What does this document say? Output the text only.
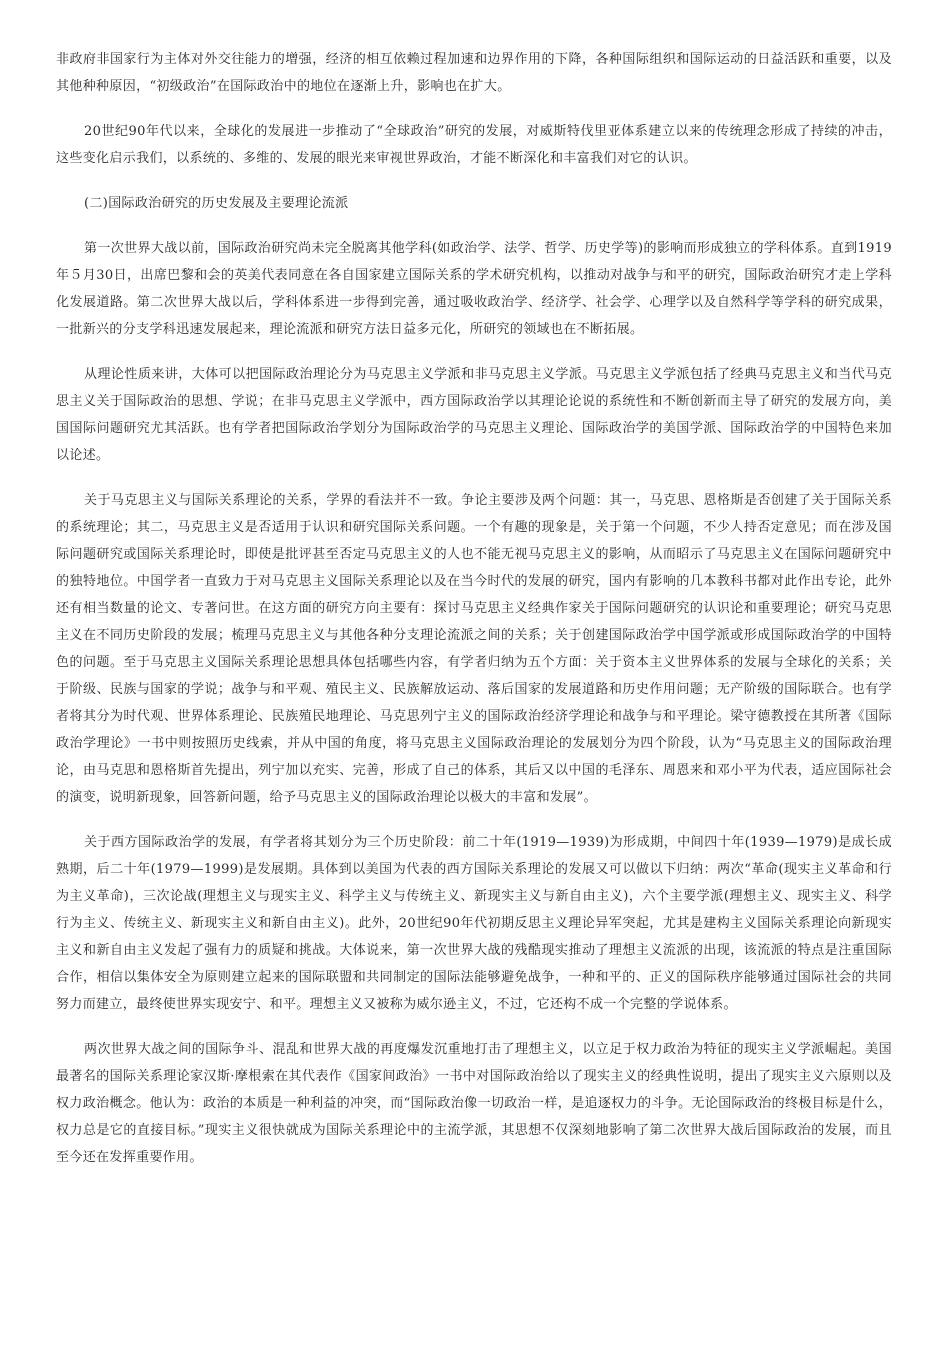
非政府非国家行为主体对外交往能力的增强，经济的相互依赖过程加速和边界作用的下降，各种国际组织和国际运动的日益活跃和重要，以及其他种种原因，“初级政治”在国际政治中的地位在逐渐上升，影响也在扩大。

20世纪90年代以来，全球化的发展进一步推动了“全球政治”研究的发展，对威斯特伐里亚体系建立以来的传统理念形成了持续的冲击，这些变化启示我们，以系统的、多维的、发展的眼光来审视世界政治，才能不断深化和丰富我们对它的认识。

(二)国际政治研究的历史发展及主要理论流派

第一次世界大战以前，国际政治研究尚未完全脱离其他学科(如政治学、法学、哲学、历史学等)的影响而形成独立的学科体系。直到1919年５月30日，出席巴黎和会的英美代表同意在各自国家建立国际关系的学术研究机构，以推动对战争与和平的研究，国际政治研究才走上学科化发展道路。第二次世界大战以后，学科体系进一步得到完善，通过吸收政治学、经济学、社会学、心理学以及自然科学等学科的研究成果，一批新兴的分支学科迅速发展起来，理论流派和研究方法日益多元化，所研究的领域也在不断拓展。

从理论性质来讲，大体可以把国际政治理论分为马克思主义学派和非马克思主义学派。马克思主义学派包括了经典马克思主义和当代马克思主义关于国际政治的思想、学说；在非马克思主义学派中，西方国际政治学以其理论论说的系统性和不断创新而主导了研究的发展方向，美国国际问题研究尤其活跃。也有学者把国际政治学划分为国际政治学的马克思主义理论、国际政治学的美国学派、国际政治学的中国特色来加以论述。

关于马克思主义与国际关系理论的关系，学界的看法并不一致。争论主要涉及两个问题：其一，马克思、恩格斯是否创建了关于国际关系的系统理论；其二，马克思主义是否适用于认识和研究国际关系问题。一个有趣的现象是，关于第一个问题，不少人持否定意见；而在涉及国际问题研究或国际关系理论时，即使是批评甚至否定马克思主义的人也不能无视马克思主义的影响，从而昭示了马克思主义在国际问题研究中的独特地位。中国学者一直致力于对马克思主义国际关系理论以及在当今时代的发展的研究，国内有影响的几本教科书都对此作出专论，此外还有相当数量的论文、专著问世。在这方面的研究方向主要有：探讨马克思主义经典作家关于国际问题研究的认识论和重要理论；研究马克思主义在不同历史阶段的发展；梳理马克思主义与其他各种分支理论流派之间的关系；关于创建国际政治学中国学派或形成国际政治学的中国特色的问题。至于马克思主义国际关系理论思想具体包括哪些内容，有学者归纳为五个方面：关于资本主义世界体系的发展与全球化的关系；关于阶级、民族与国家的学说；战争与和平观、殖民主义、民族解放运动、落后国家的发展道路和历史作用问题；无产阶级的国际联合。也有学者将其分为时代观、世界体系理论、民族殖民地理论、马克思列宁主义的国际政治经济学理论和战争与和平理论。梁守德教授在其所著《国际政治学理论》一书中则按照历史线索，并从中国的角度，将马克思主义国际政治理论的发展划分为四个阶段，认为“马克思主义的国际政治理论，由马克思和恩格斯首先提出，列宁加以充实、完善，形成了自己的体系，其后又以中国的毛泽东、周恩来和邓小平为代表，适应国际社会的演变，说明新现象，回答新问题，给予马克思主义的国际政治理论以极大的丰富和发展”。

关于西方国际政治学的发展，有学者将其划分为三个历史阶段：前二十年(1919—1939)为形成期，中间四十年(1939—1979)是成长成熟期，后二十年(1979—1999)是发展期。具体到以美国为代表的西方国际关系理论的发展又可以做以下归纳：两次“革命(现实主义革命和行为主义革命)，三次论战(理想主义与现实主义、科学主义与传统主义、新现实主义与新自由主义)，六个主要学派(理想主义、现实主义、科学行为主义、传统主义、新现实主义和新自由主义)。此外，20世纪90年代初期反思主义理论异军突起，尤其是建构主义国际关系理论向新现实主义和新自由主义发起了强有力的质疑和挑战。大体说来，第一次世界大战的残酷现实推动了理想主义流派的出现，该流派的特点是注重国际合作，相信以集体安全为原则建立起来的国际联盟和共同制定的国际法能够避免战争，一种和平的、正义的国际秩序能够通过国际社会的共同努力而建立，最终使世界实现安宁、和平。理想主义又被称为威尔逊主义，不过，它还构不成一个完整的学说体系。

两次世界大战之间的国际争斗、混乱和世界大战的再度爆发沉重地打击了理想主义，以立足于权力政治为特征的现实主义学派崛起。美国最著名的国际关系理论家汉斯·摩根索在其代表作《国家间政治》一书中对国际政治给以了现实主义的经典性说明，提出了现实主义六原则以及权力政治概念。他认为：政治的本质是一种利益的冲突，而“国际政治像一切政治一样，是追逐权力的斗争。无论国际政治的终极目标是什么，权力总是它的直接目标。”现实主义很快就成为国际关系理论中的主流学派，其思想不仅深刻地影响了第二次世界大战后国际政治的发展，而且至今还在发挥重要作用。
